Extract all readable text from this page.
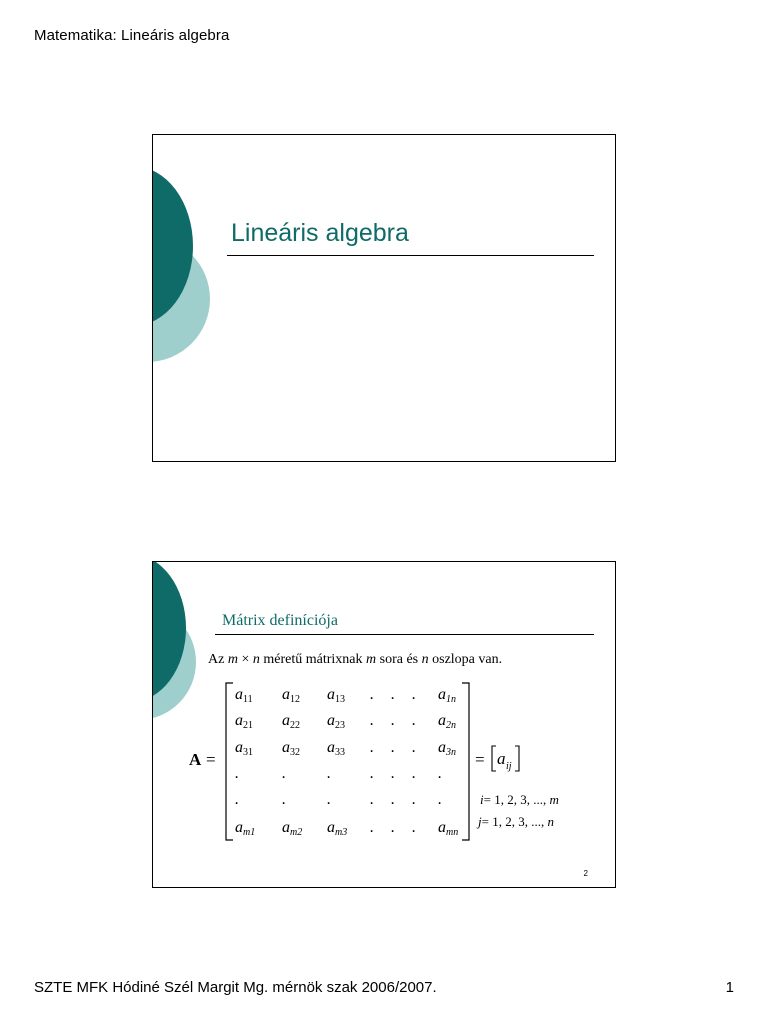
Matematika: Lineáris algebra
Lineáris algebra
Mátrix definíciója
Az m × n méretű mátrixnak m sora és n oszlopa van.
A =
a11 a12 a13 . . . a1n
a21 a22 a23 . . . a2n
a31 a32 a33 . . . a3n
.	.	. . . . .
.	.	. . . . .
am1 am2 am3 . . . amn
= a ij
i= 1, 2, 3, ..., m
j= 1, 2, 3, ..., n
2
SZTE MFK Hódiné Szél Margit Mg. mérnök szak 2006/2007.	1
